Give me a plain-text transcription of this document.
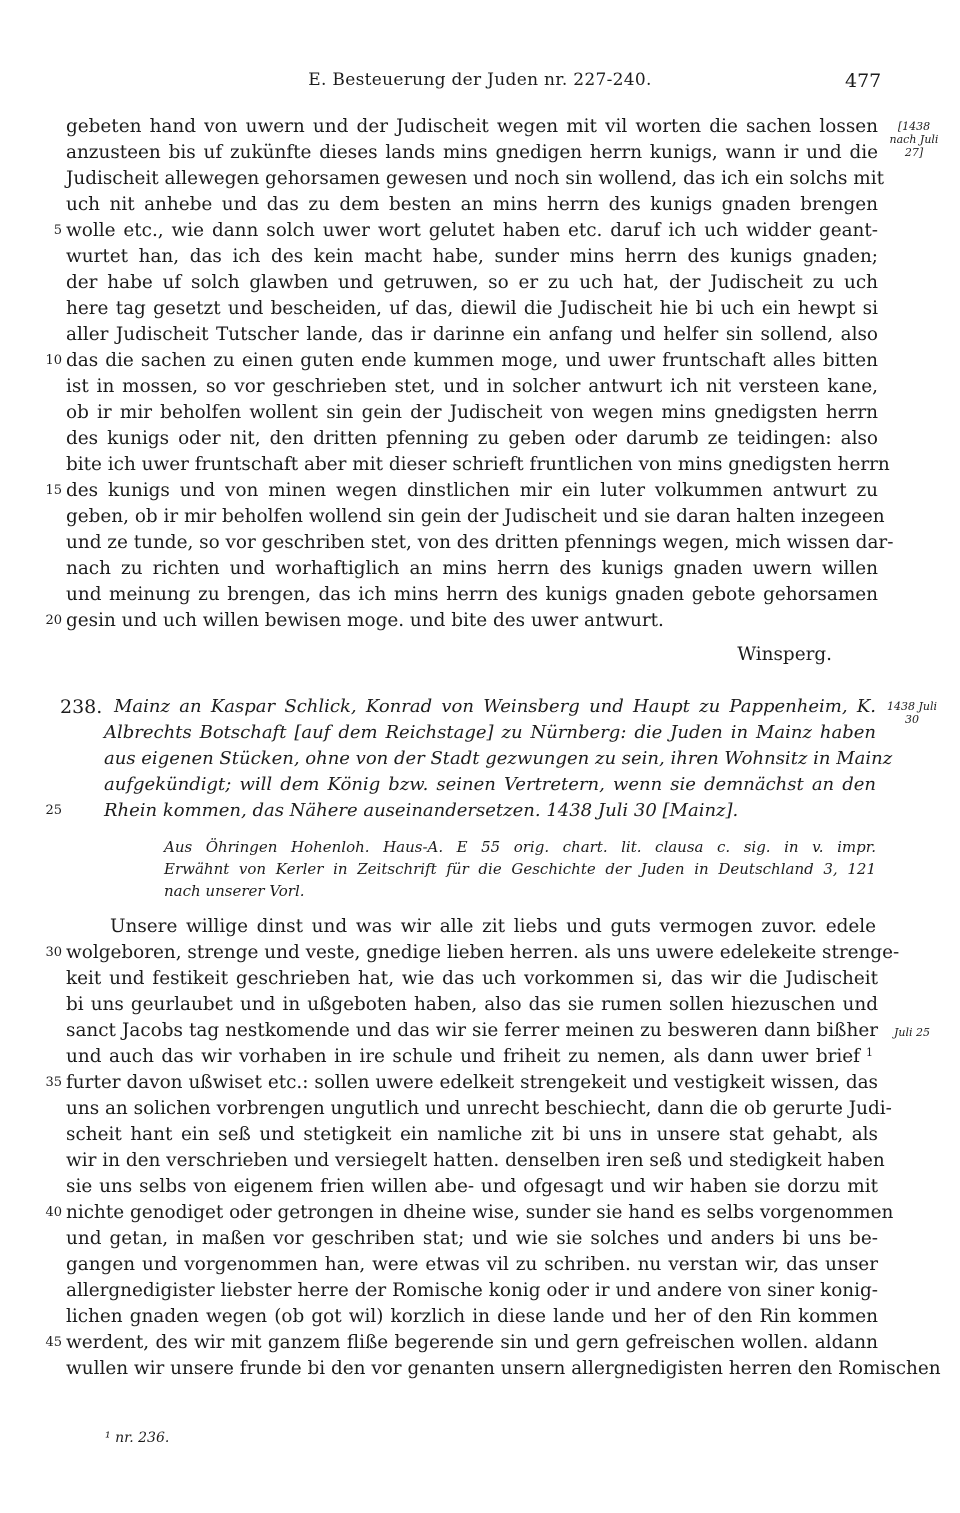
E. Besteuerung der Juden nr. 227-240.	477
gebeten hand von uwern und der Judischeit wegen mit vil worten die sachen lossen
anzusteen bis uf zukünfte dieses lands mins gnedigen herrn kunigs, wann ir und die
Judischeit allewegen gehorsamen gewesen und noch sin wollend, das ich ein solchs mit
uch nit anhebe und das zu dem besten an mins herrn des kunigs gnaden brengen
wolle etc., wie dann solch uwer wort gelutet haben etc. daruf ich uch widder geant-
wurtet han, das ich des kein macht habe, sunder mins herrn des kunigs gnaden;
der habe uf solch glawben und getruwen, so er zu uch hat, der Judischeit zu uch
here tag gesetzt und bescheiden, uf das, diewil die Judischeit hie bi uch ein hewpt si
aller Judischeit Tutscher lande, das ir darinne ein anfang und helfer sin sollend, also
das die sachen zu einen guten ende kummen moge, und uwer fruntschaft alles bitten
ist in mossen, so vor geschrieben stet, und in solcher antwurt ich nit versteen kane,
ob ir mir beholfen wollent sin gein der Judischeit von wegen mins gnedigsten herrn
des kunigs oder nit, den dritten pfenning zu geben oder darumb ze teidingen: also
bite ich uwer fruntschaft aber mit dieser schrieft fruntlichen von mins gnedigsten herrn
des kunigs und von minen wegen dinstlichen mir ein luter volkummen antwurt zu
geben, ob ir mir beholfen wollend sin gein der Judischeit und sie daran halten inzegeen
und ze tunde, so vor geschriben stet, von des dritten pfennings wegen, mich wissen dar-
nach zu richten und worhaftiglich an mins herrn des kunigs gnaden uwern willen
und meinung zu brengen, das ich mins herrn des kunigs gnaden gebote gehorsamen
gesin und uch willen bewisen moge. und bite des uwer antwurt.
Winsperg.
5
10
15
20
[1438 nach Juli 27]
238. Mainz an Kaspar Schlick, Konrad von Weinsberg und Haupt zu Pappenheim, K.
Albrechts Botschaft [auf dem Reichstage] zu Nürnberg: die Juden in Mainz haben
aus eigenen Stücken, ohne von der Stadt gezwungen zu sein, ihren Wohnsitz in Mainz
aufgekündigt; will dem König bzw. seinen Vertretern, wenn sie demnächst an den
Rhein kommen, das Nähere auseinandersetzen. 1438 Juli 30 [Mainz].
1438 Juli 30
Aus Öhringen Hohenloh. Haus-A. E 55 orig. chart. lit. clausa c. sig. in v. impr.
Erwähnt von Kerler in Zeitschrift für die Geschichte der Juden in Deutschland 3, 121
nach unserer Vorl.
Unsere willige dinst und was wir alle zit liebs und guts vermogen zuvor. edele
wolgeboren, strenge und veste, gnedige lieben herren. als uns uwere edelekeite strenge-
keit und festikeit geschrieben hat, wie das uch vorkommen si, das wir die Judischeit
bi uns geurlaubet und in ußgeboten haben, also das sie rumen sollen hiezuschen und
sanct Jacobs tag nestkomende und das wir sie ferrer meinen zu besweren dann bißher
und auch das wir vorhaben in ire schule und friheit zu nemen, als dann uwer brief 1
furter davon ußwiset etc.: sollen uwere edelkeit strengekeit und vestigkeit wissen, das
uns an solichen vorbrengen ungutlich und unrecht beschiecht, dann die ob gerurte Judi-
scheit hant ein seß und stetigkeit ein namliche zit bi uns in unsere stat gehabt, als
wir in den verschrieben und versiegelt hatten. denselben iren seß und stedigkeit haben
sie uns selbs von eigenem frien willen abe- und ofgesagt und wir haben sie dorzu mit
nichte genodiget oder getrongen in dheine wise, sunder sie hand es selbs vorgenommen
und getan, in maßen vor geschriben stat; und wie sie solches und anders bi uns be-
gangen und vorgenommen han, were etwas vil zu schriben. nu verstan wir, das unser
allergnedigister liebster herre der Romische konig oder ir und andere von siner konig-
lichen gnaden wegen (ob got wil) korzlich in diese lande und her of den Rin kommen
werdent, des wir mit ganzem fliße begerende sin und gern gefreischen wollen. aldann
wullen wir unsere frunde bi den vor genanten unsern allergnedigisten herren den Romischen
Juli 25
25
30
35
40
45
¹ nr. 236.
